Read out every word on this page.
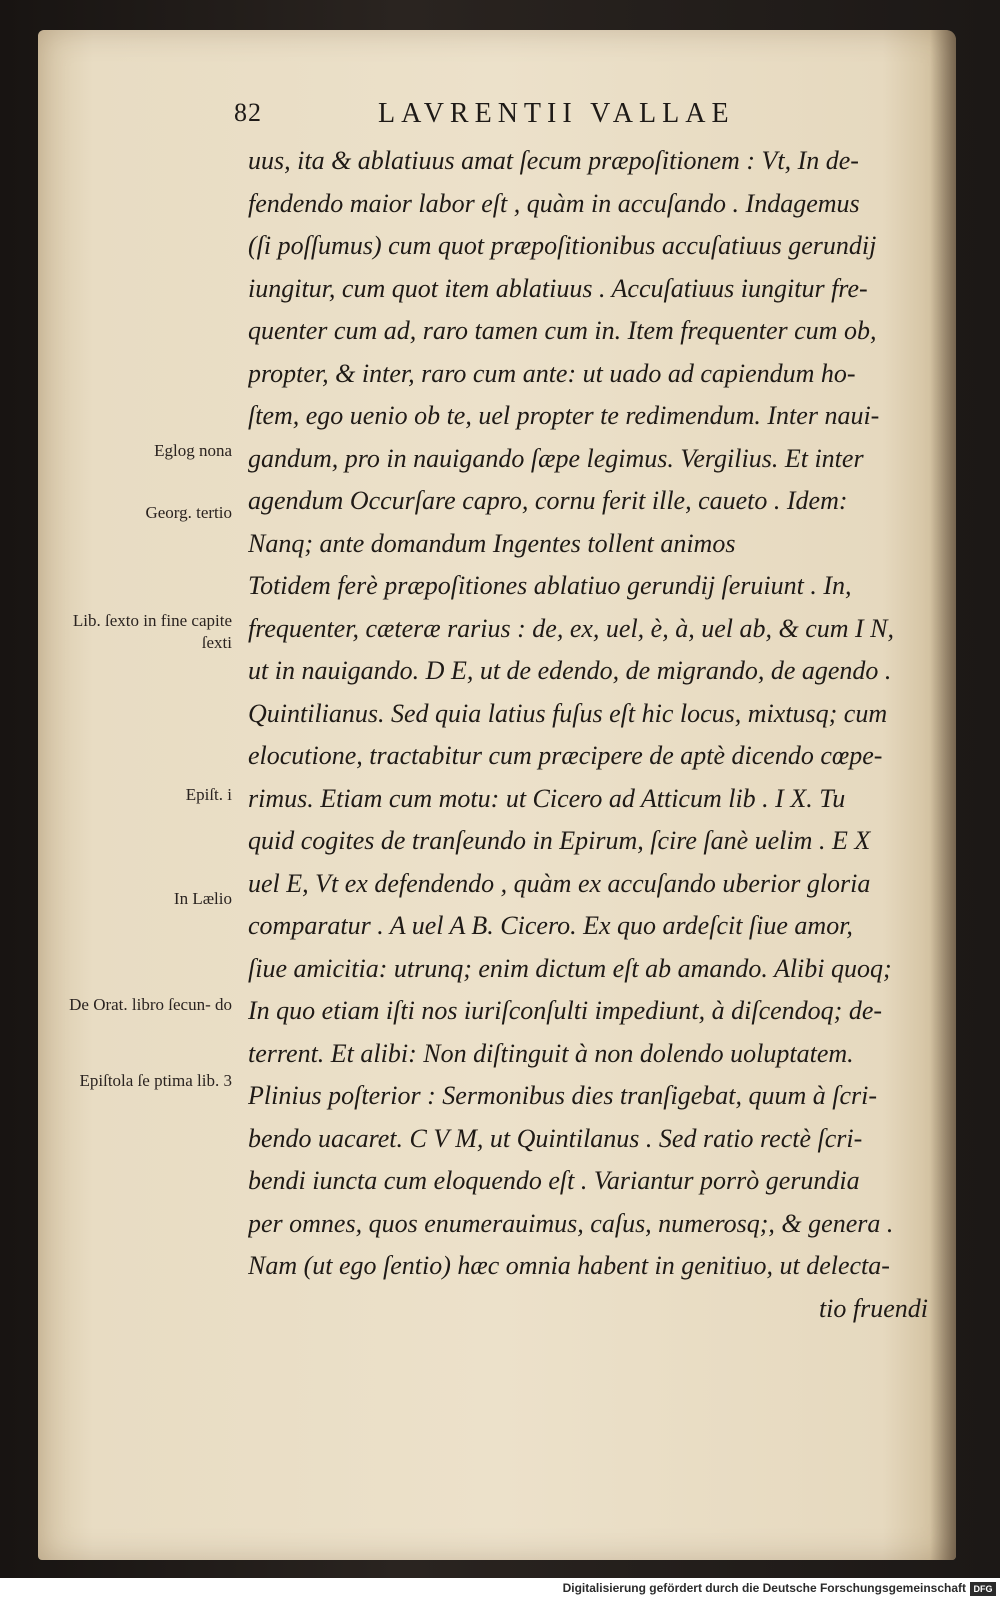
82	LAVRENTII VALLAE
Eglog nona
Georg. tertio
Lib. ſexto in fine capite ſexti
Epiſt. i
In Lælio
De Orat. libro ſecun- do
Epiſtola ſe ptima lib. 3
uus, ita & ablatiuus amat ſecum præpoſitionem : Vt, In de-
fendendo maior labor eſt , quàm in accuſando . Indagemus
(ſi poſſumus) cum quot præpoſitionibus accuſatiuus gerundij
iungitur, cum quot item ablatiuus . Accuſatiuus iungitur fre-
quenter cum ad, raro tamen cum in. Item frequenter cum ob,
propter, & inter, raro cum ante: ut uado ad capiendum ho-
ſtem, ego uenio ob te, uel propter te redimendum. Inter naui-
gandum, pro in nauigando ſæpe legimus. Vergilius. Et inter
agendum Occurſare capro, cornu ferit ille, caueto . Idem:
Nanq; ante domandum Ingentes tollent animos
Totidem ferè præpoſitiones ablatiuo gerundij ſeruiunt . In,
frequenter, cæteræ rarius : de, ex, uel, è, à, uel ab, & cum I N,
ut in nauigando. D E, ut de edendo, de migrando, de agendo .
Quintilianus. Sed quia latius fuſus eſt hic locus, mixtusq; cum
elocutione, tractabitur cum præcipere de aptè dicendo cœpe-
rimus. Etiam cum motu: ut Cicero ad Atticum lib . I X. Tu
quid cogites de tranſeundo in Epirum, ſcire ſanè uelim . E X
uel E, Vt ex defendendo , quàm ex accuſando uberior gloria
comparatur . A uel A B. Cicero. Ex quo ardeſcit ſiue amor,
ſiue amicitia: utrunq; enim dictum eſt ab amando. Alibi quoq;
In quo etiam iſti nos iuriſconſulti impediunt, à diſcendoq; de-
terrent. Et alibi: Non diſtinguit à non dolendo uoluptatem.
Plinius poſterior : Sermonibus dies tranſigebat, quum à ſcri-
bendo uacaret. C V M, ut Quintilanus . Sed ratio rectè ſcri-
bendi iuncta cum eloquendo eſt . Variantur porrò gerundia
per omnes, quos enumerauimus, caſus, numerosq;, & genera .
Nam (ut ego ſentio) hæc omnia habent in genitiuo, ut delecta-
tio fruendi
Digitalisierung gefördert durch die Deutsche Forschungsgemeinschaft DFG
